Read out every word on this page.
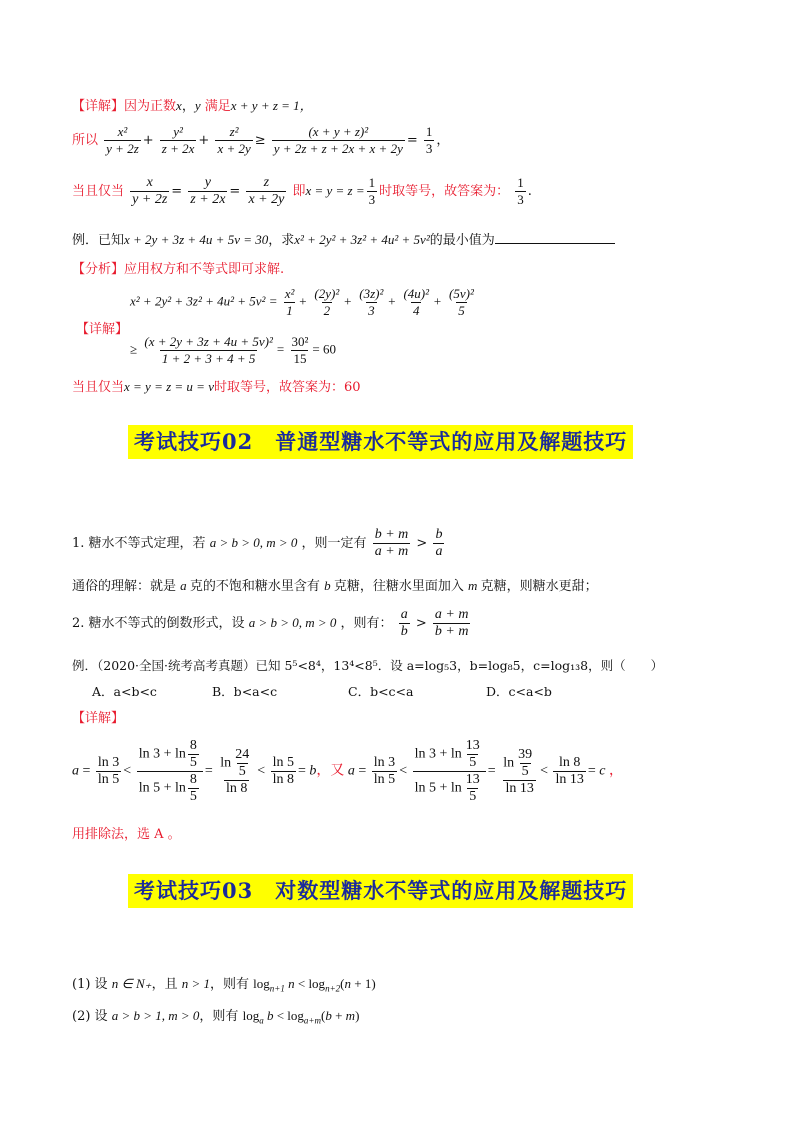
【详解】因为正数x，y 满足x + y + z = 1，
所以 $\frac{\text{x²}}{y + 2z} + \frac{\text{y²}}{z + 2x} + \frac{\text{z²}}{x + 2y} \ge \frac{\text{(x + y + z)²}}{y + 2z + z + 2x + x + 2y} = \frac{1}{3}$ ，
当且仅当 $\frac{x}{y + 2z} = \frac{y}{z + 2x} = \frac{z}{x + 2y}$ 即$x = y = z = \frac{1}{3}$ 时取等号，故答案为： $\frac{1}{3}$ .
例．已知x + 2y + 3z + 4u + 5v = 30，求x² + 2y² + 3z² + 4u² + 5v²的最小值为
【分析】应用权方和不等式即可求解.
$x^2 + 2y^2 + 3z^2 + 4u^2 + 5v^2 = \frac{\text{x²}}{1} + \frac{\text{(2y)²}}{2} + \frac{\text{(3z)²}}{3} + \frac{\text{(4u)²}}{4} + \frac{\text{(5v)²}}{5}$
【详解】
≥ $\frac{\text{(x + 2y + 3z + 4u + 5v)²}}{1 + 2 + 3 + 4 + 5} = \frac{\text{30²}}{15} = 60$
当且仅当x = y = z = u = v时取等号，故答案为：60
考试技巧02　普通型糖水不等式的应用及解题技巧
1. 糖水不等式定理，若 a > b > 0, m > 0 ，则一定有 $\frac{b + m}{a + m} > \frac{b}{a}$
通俗的理解：就是 a 克的不饱和糖水里含有 b 克糖，往糖水里面加入 m 克糖，则糖水更甜；
2. 糖水不等式的倒数形式，设 a > b > 0, m > 0 ，则有： $\frac{a}{b} > \frac{a + m}{b + m}$
例．（2020·全国·统考高考真题）已知 5⁵<8⁴，13⁴<8⁵．设 a=log₅3，b=log₈5，c=log₁₃8，则（　　）
A．a<b<c	B．b<a<c	C．b<c<a	D．c<a<b
【详解】
$a = \frac{\ln 3}{\ln 5} < \frac{\ln 3 + \ln \frac{8}{5}}{\ln 5 + \ln \frac{8}{5}} = \frac{\ln \frac{24}{5}}{\ln 8} < \frac{\ln 5}{\ln 8} = b$，又 $a = \frac{\ln 3}{\ln 5} < \frac{\ln 3 + \ln \frac{13}{5}}{\ln 5 + \ln \frac{13}{5}} = \frac{\ln \frac{39}{5}}{\ln 13} < \frac{\ln 8}{\ln 13} = c$ ，
用排除法，选 A 。
考试技巧03　对数型糖水不等式的应用及解题技巧
(1) 设 n ∈ N₊，且 n > 1，则有 $\log_{n+1} n < \log_{n+2}(n + 1)$
(2) 设 a > b > 1, m > 0，则有 $\log_a b < \log_{a+m}(b + m)$
